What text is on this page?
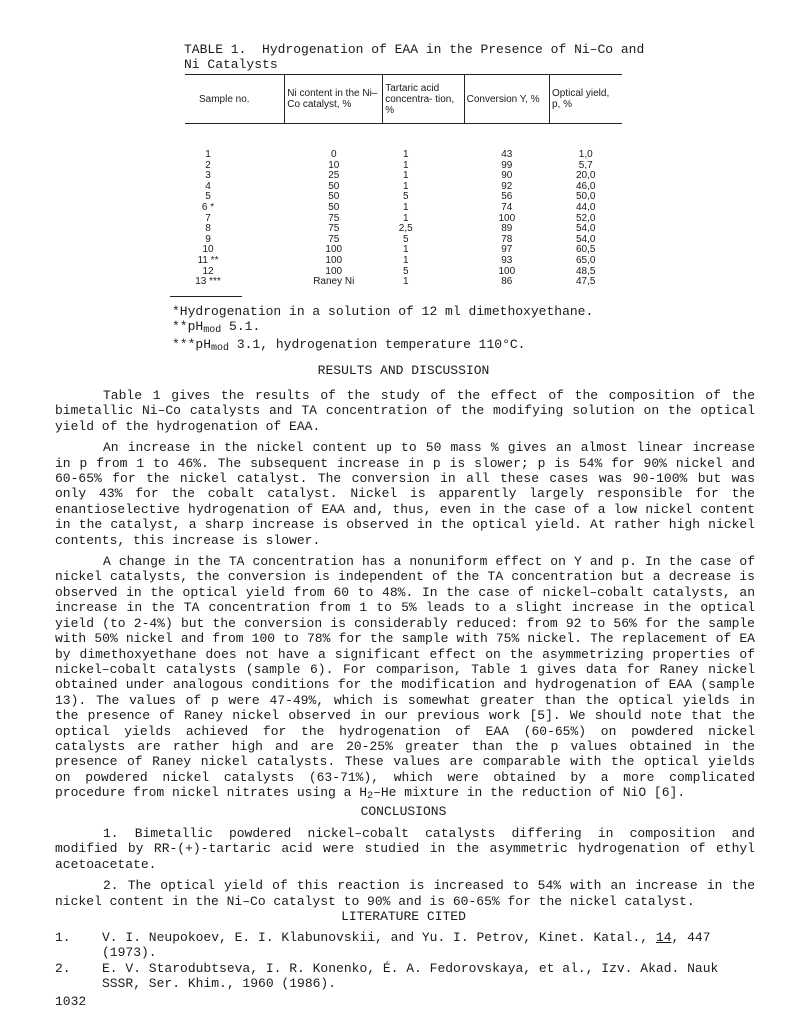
TABLE 1.  Hydrogenation of EAA in the Presence of Ni–Co and
Ni Catalysts
Sample no.	Ni content in the Ni–Co catalyst, %	Tartaric acid concentra- tion, %	Conversion Y, %	Optical yield, p, %
1	0	1	43	1,0
2	10	1	99	5,7
3	25	1	90	20,0
4	50	1	92	46,0
5	50	5	56	50,0
6 *	50	1	74	44,0
7	75	1	100	52,0
8	75	2,5	89	54,0
9	75	5	78	54,0
10	100	1	97	60,5
11 **	100	1	93	65,0
12	100	5	100	48,5
13 ***	Raney Ni	1	86	47,5
*Hydrogenation in a solution of 12 ml dimethoxyethane.
**pHmod 5.1.
***pHmod 3.1, hydrogenation temperature 110°C.
RESULTS AND DISCUSSION

Table 1 gives the results of the study of the effect of the composition of the bimetallic Ni–Co catalysts and TA concentration of the modifying solution on the optical yield of the hydrogenation of EAA.

An increase in the nickel content up to 50 mass % gives an almost linear increase in p from 1 to 46%. The subsequent increase in p is slower; p is 54% for 90% nickel and 60-65% for the nickel catalyst. The conversion in all these cases was 90-100% but was only 43% for the cobalt catalyst. Nickel is apparently largely responsible for the enantioselective hydrogenation of EAA and, thus, even in the case of a low nickel content in the catalyst, a sharp increase is observed in the optical yield. At rather high nickel contents, this increase is slower.

A change in the TA concentration has a nonuniform effect on Y and p. In the case of nickel catalysts, the conversion is independent of the TA concentration but a decrease is observed in the optical yield from 60 to 48%. In the case of nickel–cobalt catalysts, an increase in the TA concentration from 1 to 5% leads to a slight increase in the optical yield (to 2-4%) but the conversion is considerably reduced: from 92 to 56% for the sample with 50% nickel and from 100 to 78% for the sample with 75% nickel. The replacement of EA by dimethoxyethane does not have a significant effect on the asymmetrizing properties of nickel–cobalt catalysts (sample 6). For comparison, Table 1 gives data for Raney nickel obtained under analogous conditions for the modification and hydrogenation of EAA (sample 13). The values of p were 47-49%, which is somewhat greater than the optical yields in the presence of Raney nickel observed in our previous work [5]. We should note that the optical yields achieved for the hydrogenation of EAA (60-65%) on powdered nickel catalysts are rather high and are 20-25% greater than the p values obtained in the presence of Raney nickel catalysts. These values are comparable with the optical yields on powdered nickel catalysts (63-71%), which were obtained by a more complicated procedure from nickel nitrates using a H2–He mixture in the reduction of NiO [6].

CONCLUSIONS

1. Bimetallic powdered nickel–cobalt catalysts differing in composition and modified by RR-(+)-tartaric acid were studied in the asymmetric hydrogenation of ethyl acetoacetate.

2. The optical yield of this reaction is increased to 54% with an increase in the nickel content in the Ni–Co catalyst to 90% and is 60-65% for the nickel catalyst.

LITERATURE CITED
1.	V. I. Neupokoev, E. I. Klabunovskii, and Yu. I. Petrov, Kinet. Katal., 14, 447 (1973).
2.	E. V. Starodubtseva, I. R. Konenko, É. A. Fedorovskaya, et al., Izv. Akad. Nauk SSSR, Ser. Khim., 1960 (1986).
1032
